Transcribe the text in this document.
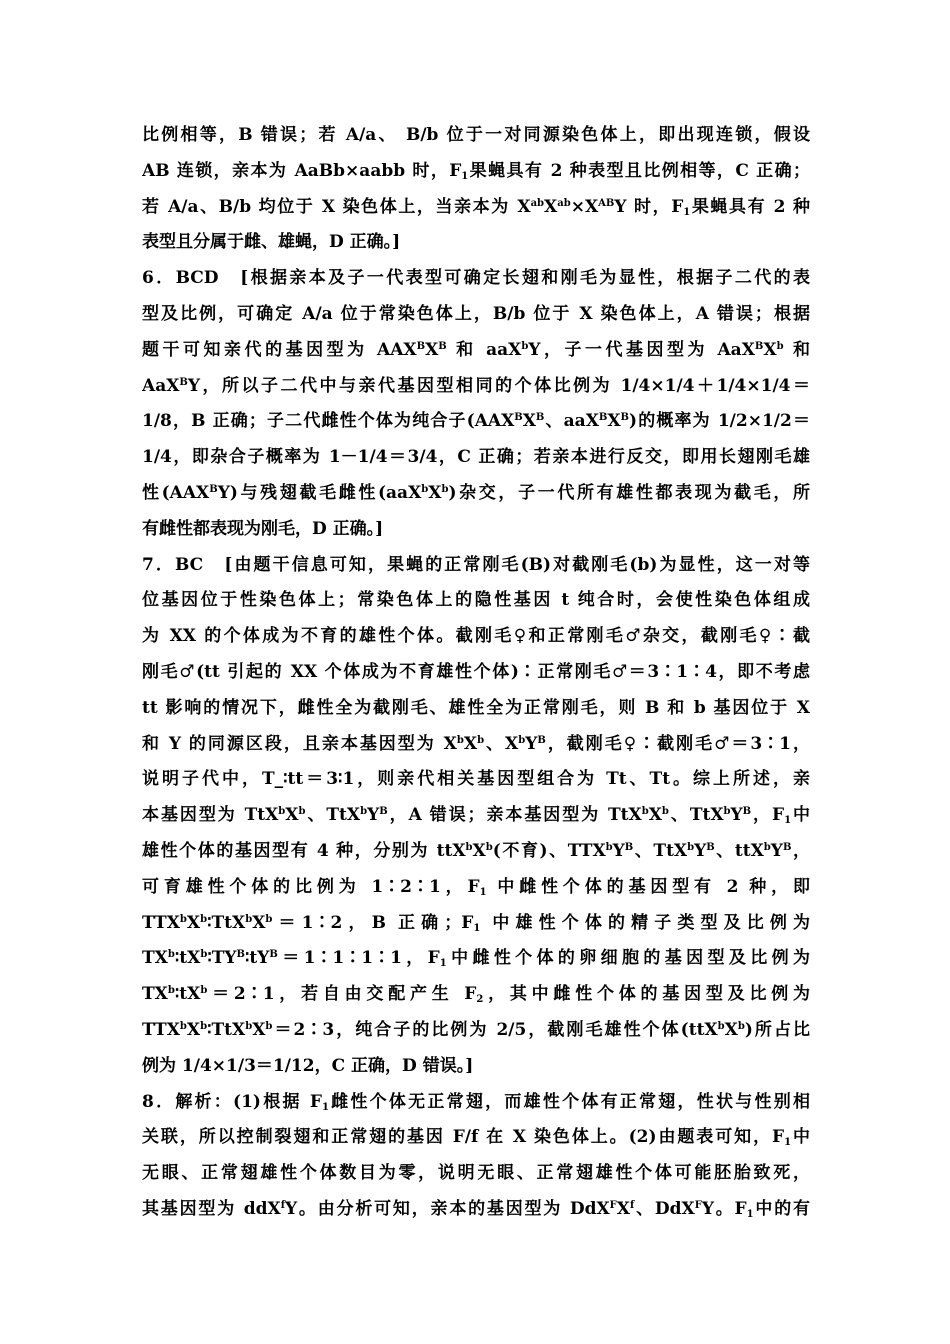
比例相等，B 错误；若 A/a、 B/b 位于一对同源染色体上，即出现连锁，假设
AB 连锁，亲本为 AaBb×aabb 时，$F_1$果蝇具有 2 种表型且比例相等，C 正确；
若 A/a、B/b 均位于 X 染色体上，当亲本为 $X^{ab}X^{ab}\times X^{AB}Y$ 时，$F_1$果蝇具有 2 种
表型且分属于雌、雄蝇，D 正确。]
6．BCD　[根据亲本及子一代表型可确定长翅和刚毛为显性，根据子二代的表
型及比例，可确定 A/a 位于常染色体上，B/b 位于 X 染色体上，A 错误；根据
题干可知亲代的基因型为 $AAX^BX^B$ 和 aaX$^b$Y，子一代基因型为 $AaX^BX^b$ 和
AaX$^B$Y，所以子二代中与亲代基因型相同的个体比例为 1/4×1/4＋1/4×1/4＝
1/8，B 正确；子二代雌性个体为纯合子($AAX^BX^B$、$aaX^BX^B$)的概率为 1/2×1/2＝
1/4，即杂合子概率为 1－1/4＝3/4，C 正确；若亲本进行反交，即用长翅刚毛雄
性$(AAX^BY)$与残翅截毛雌性$(aaX^bX^b)$杂交，子一代所有雄性都表现为截毛，所
有雌性都表现为刚毛，D 正确。]
7．BC　[由题干信息可知，果蝇的正常刚毛(B)对截刚毛(b)为显性，这一对等
位基因位于性染色体上；常染色体上的隐性基因 t 纯合时，会使性染色体组成
为 XX 的个体成为不育的雄性个体。截刚毛♀和正常刚毛♂杂交，截刚毛♀∶截
刚毛♂(tt 引起的 XX 个体成为不育雄性个体)∶正常刚毛♂＝3∶1∶4，即不考虑
tt 影响的情况下，雌性全为截刚毛、雄性全为正常刚毛，则 B 和 b 基因位于 X
和 Y 的同源区段，且亲本基因型为 $X^bX^b$、$X^bY^B$，截刚毛♀∶截刚毛♂＝3∶1，
说明子代中，T_∶tt＝3∶1，则亲代相关基因型组合为 Tt、Tt。综上所述，亲
本基因型为 $TtX^bX^b$、$TtX^bY^B$，A 错误；亲本基因型为 $TtX^bX^b$、$TtX^bY^B$，$F_1$中
雄性个体的基因型有 4 种，分别为 $ttX^bX^b$(不育)、$TTX^bY^B$、$TtX^bY^B$、$ttX^bY^B$，
可育雄性个体的比例为 1∶2∶1，$F_1$ 中雌性个体的基因型有 2 种，即
$TTX^bX^b∶TtX^bX^b=1∶2$，B 正确；$F_1$ 中雄性个体的精子类型及比例为
$TX^b∶tX^b∶TY^B∶tY^B=1∶1∶1∶1$，$F_1$中雌性个体的卵细胞的基因型及比例为
$TX^b∶tX^b=2∶1$，若自由交配产生 $F_2$，其中雌性个体的基因型及比例为
$TTX^bX^b∶TtX^bX^b=2∶3$，纯合子的比例为 2/5，截刚毛雄性个体$(ttX^bX^b)$所占比
例为 1/4×1/3＝1/12，C 正确，D 错误。]
8．解析：(1)根据 $F_1$雌性个体无正常翅，而雄性个体有正常翅，性状与性别相
关联，所以控制裂翅和正常翅的基因 F/f 在 X 染色体上。(2)由题表可知，$F_1$中
无眼、正常翅雄性个体数目为零，说明无眼、正常翅雄性个体可能胚胎致死，
其基因型为 ddX$^f$Y。由分析可知，亲本的基因型为 $DdX^FX^f$、DdX$^F$Y。$F_1$中的有
